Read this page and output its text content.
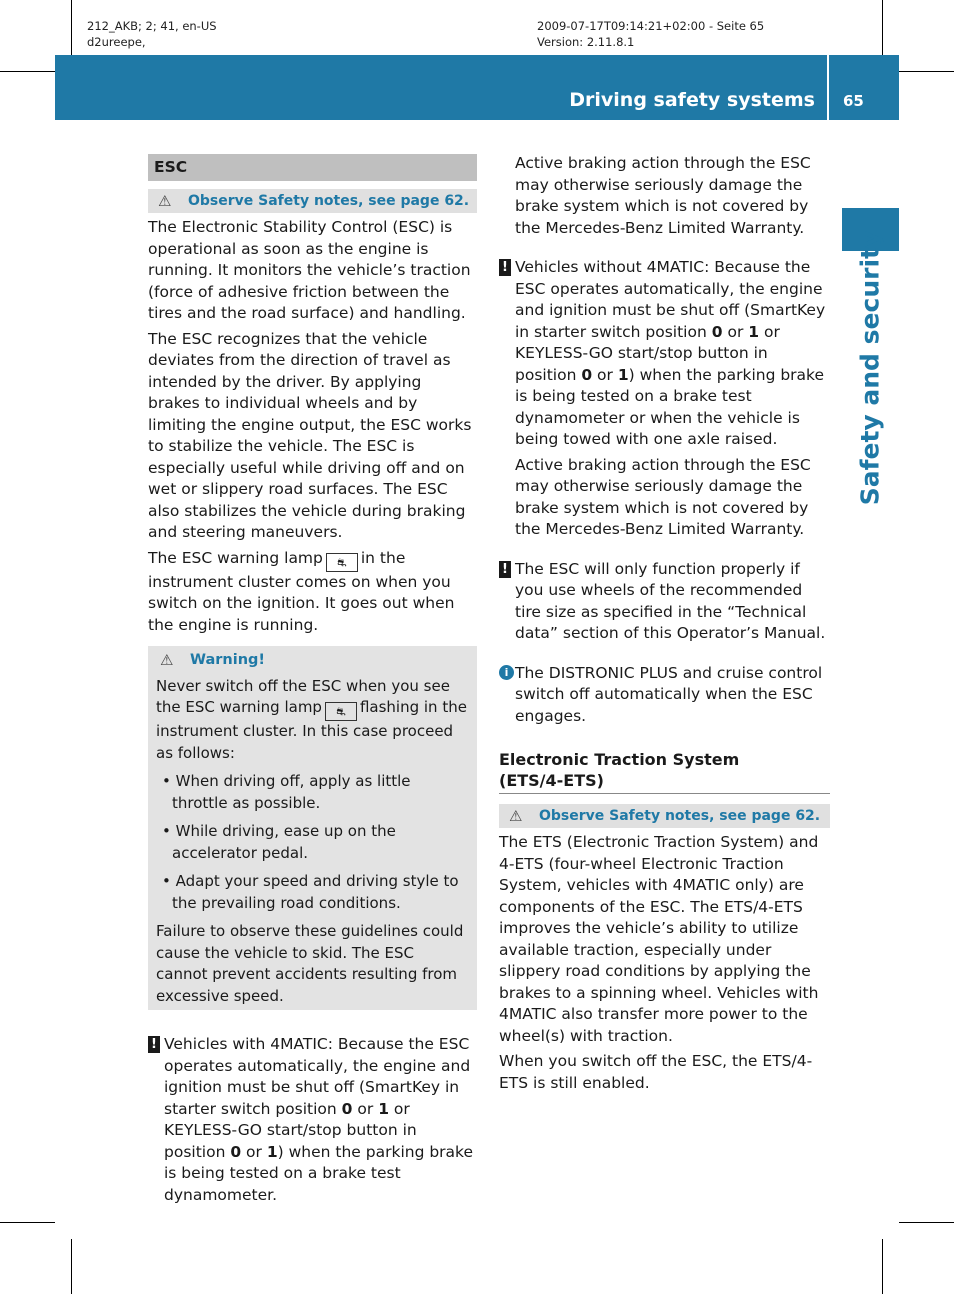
212_AKB; 2; 41, en-US
d2ureepe,
2009-07-17T09:14:21+02:00 - Seite 65
Version: 2.11.8.1
Driving safety systems 65
Safety and security
ESC
⚠	Observe Safety notes, see page 62.

The Electronic Stability Control (ESC) is operational as soon as the engine is running. It monitors the vehicle’s traction (force of adhesive friction between the tires and the road surface) and handling.

The ESC recognizes that the vehicle deviates from the direction of travel as intended by the driver. By applying brakes to individual wheels and by limiting the engine output, the ESC works to stabilize the vehicle. The ESC is especially useful while driving off and on wet or slippery road surfaces. The ESC also stabilizes the vehicle during braking and steering maneuvers.

The ESC warning lamp ⛐ in the instrument cluster comes on when you switch on the ignition. It goes out when the engine is running.

⚠	Warning!

Never switch off the ESC when you see the ESC warning lamp ⛐ flashing in the instrument cluster. In this case proceed as follows:

• When driving off, apply as little throttle as possible.
• While driving, ease up on the accelerator pedal.
• Adapt your speed and driving style to the prevailing road conditions.

Failure to observe these guidelines could cause the vehicle to skid. The ESC cannot prevent accidents resulting from excessive speed.

! Vehicles with 4MATIC: Because the ESC operates automatically, the engine and ignition must be shut off (SmartKey in starter switch position 0 or 1 or KEYLESS-GO start/stop button in position 0 or 1) when the parking brake is being tested on a brake test dynamometer.

Active braking action through the ESC may otherwise seriously damage the brake system which is not covered by the Mercedes-Benz Limited Warranty.

! Vehicles without 4MATIC: Because the ESC operates automatically, the engine and ignition must be shut off (SmartKey in starter switch position 0 or 1 or KEYLESS-GO start/stop button in position 0 or 1) when the parking brake is being tested on a brake test dynamometer or when the vehicle is being towed with one axle raised.

Active braking action through the ESC may otherwise seriously damage the brake system which is not covered by the Mercedes-Benz Limited Warranty.

! The ESC will only function properly if you use wheels of the recommended tire size as specified in the “Technical data” section of this Operator’s Manual.
i The DISTRONIC PLUS and cruise control switch off automatically when the ESC engages.
Electronic Traction System
(ETS/4-ETS)
⚠	Observe Safety notes, see page 62.

The ETS (Electronic Traction System) and 4-ETS (four-wheel Electronic Traction System, vehicles with 4MATIC only) are components of the ESC. The ETS/4-ETS improves the vehicle’s ability to utilize available traction, especially under slippery road conditions by applying the brakes to a spinning wheel. Vehicles with 4MATIC also transfer more power to the wheel(s) with traction.

When you switch off the ESC, the ETS/4-ETS is still enabled.
